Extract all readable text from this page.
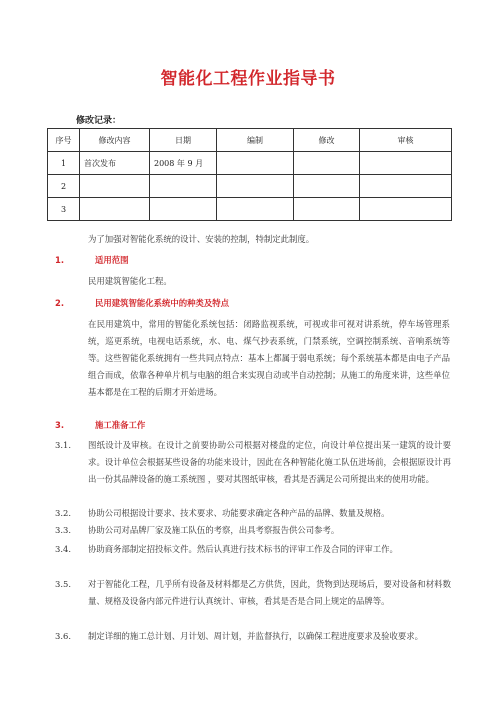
智能化工程作业指导书
修改记录：
序号	修改内容	日期	编制	修改	审核
1	首次发布	2008 年 9 月			
2					
3					
为了加强对智能化系统的设计、安装的控制，特制定此制度。
1.	适用范围
民用建筑智能化工程。
2.	民用建筑智能化系统中的种类及特点
在民用建筑中，常用的智能化系统包括：闭路监视系统，可视或非可视对讲系统，停车场管理系统，巡更系统，电视电话系统，水、电、煤气抄表系统，门禁系统，空调控制系统、音响系统等等。这些智能化系统拥有一些共同点特点：基本上都属于弱电系统；每个系统基本都是由电子产品组合而成，依靠各种单片机与电脑的组合来实现自动或半自动控制；从施工的角度来讲，这些单位基本都是在工程的后期才开始进场。
3.	施工准备工作
3.1. 图纸设计及审核。在设计之前要协助公司根据对楼盘的定位，向设计单位提出某一建筑的设计要求。设计单位会根据某些设备的功能来设计，因此在各种智能化施工队伍进场前，会根据原设计再出一份其品牌设备的施工系统图 ，要对其图纸审核，看其是否满足公司所提出来的使用功能。
3.2. 协助公司根据设计要求、技术要求、功能要求确定各种产品的品牌、数量及规格。
3.3. 协助公司对品牌厂家及施工队伍的考察，出具考察报告供公司参考。
3.4. 协助商务部制定招投标文件。然后认真进行技术标书的评审工作及合同的评审工作。
3.5. 对于智能化工程，几乎所有设备及材料都是乙方供货，因此，货物到达现场后，要对设备和材料数量、规格及设备内部元件进行认真统计、审核，看其是否是合同上规定的品牌等。
3.6. 制定详细的施工总计划、月计划、周计划，并监督执行，以确保工程进度要求及验收要求。
